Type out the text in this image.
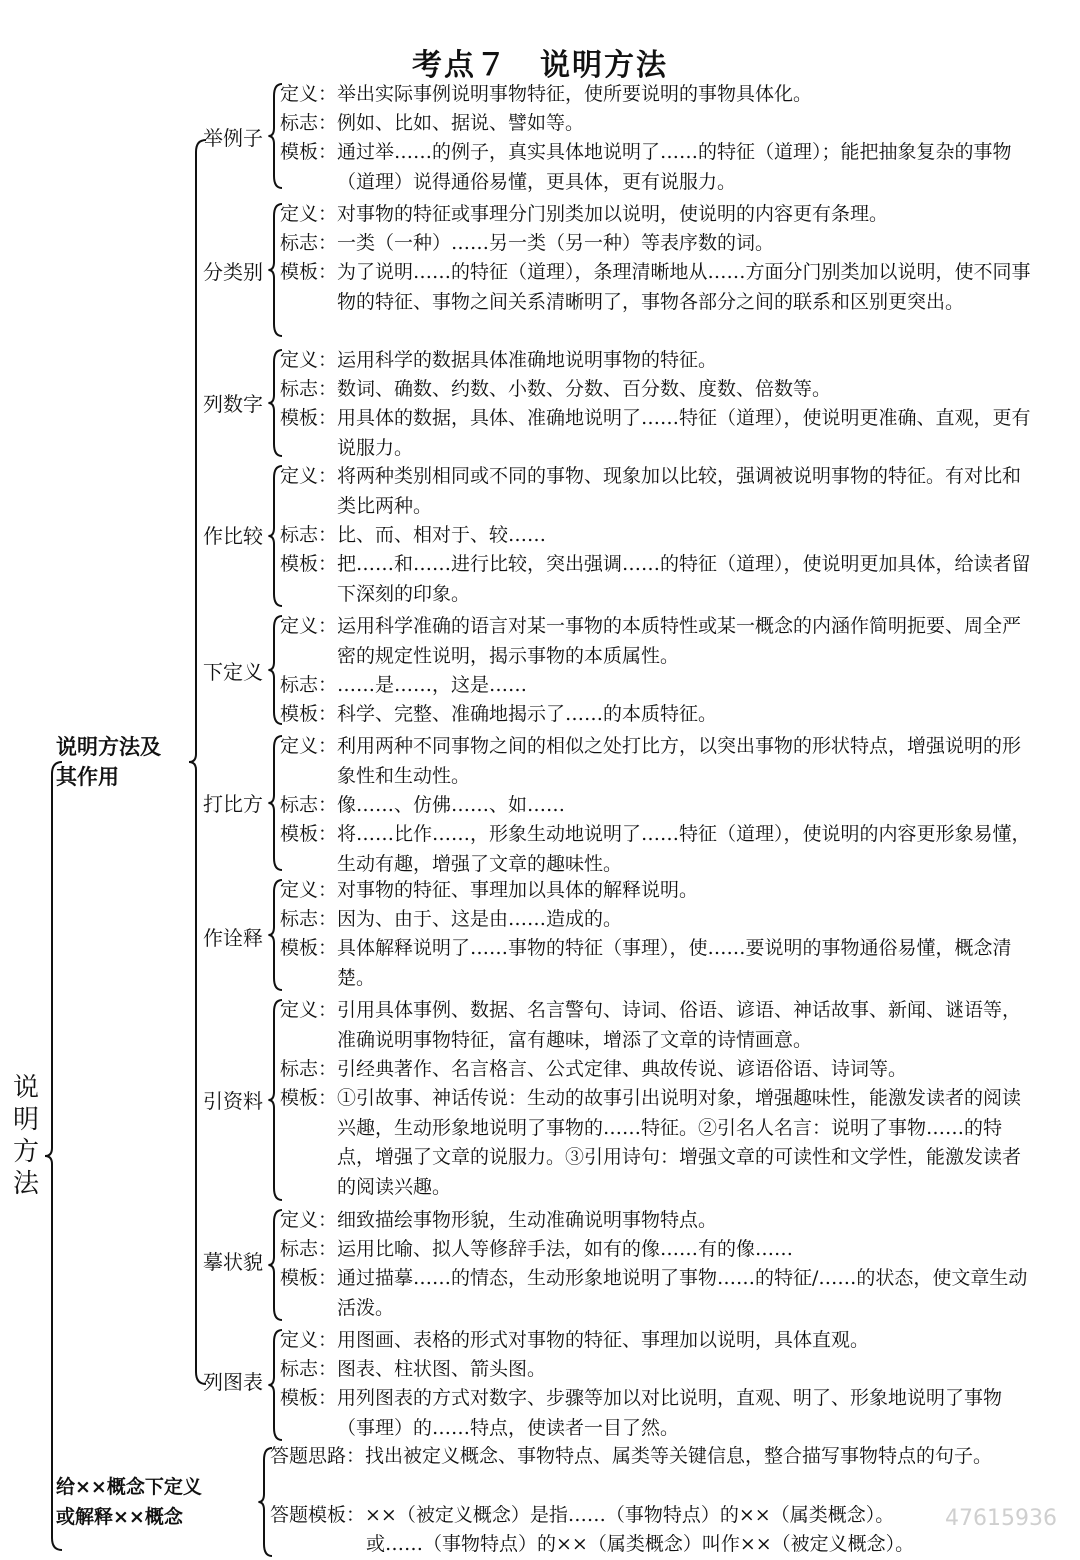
考点７　说明方法
说
明
方
法
说明方法及
其作用
举例子
定义： 举出实际事例说明事物特征，使所要说明的事物具体化。
标志： 例如、比如、据说、譬如等。
模板： 通过举……的例子，真实具体地说明了……的特征（道理）；能把抽象复杂的事物（道理）说得通俗易懂，更具体，更有说服力。
分类别
定义： 对事物的特征或事理分门别类加以说明，使说明的内容更有条理。
标志： 一类（一种）……另一类（另一种）等表序数的词。
模板： 为了说明……的特征（道理），条理清晰地从……方面分门别类加以说明，使不同事物的特征、事物之间关系清晰明了，事物各部分之间的联系和区别更突出。
列数字
定义： 运用科学的数据具体准确地说明事物的特征。
标志： 数词、确数、约数、小数、分数、百分数、度数、倍数等。
模板： 用具体的数据，具体、准确地说明了……特征（道理），使说明更准确、直观，更有说服力。
作比较
定义： 将两种类别相同或不同的事物、现象加以比较，强调被说明事物的特征。有对比和类比两种。
标志： 比、而、相对于、较……
模板： 把……和……进行比较，突出强调……的特征（道理），使说明更加具体，给读者留下深刻的印象。
下定义
定义： 运用科学准确的语言对某一事物的本质特性或某一概念的内涵作简明扼要、周全严密的规定性说明，揭示事物的本质属性。
标志： ……是……，这是……
模板： 科学、完整、准确地揭示了……的本质特征。
打比方
定义： 利用两种不同事物之间的相似之处打比方，以突出事物的形状特点，增强说明的形象性和生动性。
标志： 像……、仿佛……、如……
模板： 将……比作……，形象生动地说明了……特征（道理），使说明的内容更形象易懂，生动有趣，增强了文章的趣味性。
作诠释
定义： 对事物的特征、事理加以具体的解释说明。
标志： 因为、由于、这是由……造成的。
模板： 具体解释说明了……事物的特征（事理），使……要说明的事物通俗易懂，概念清楚。
引资料
定义： 引用具体事例、数据、名言警句、诗词、俗语、谚语、神话故事、新闻、谜语等，准确说明事物特征，富有趣味，增添了文章的诗情画意。
标志： 引经典著作、名言格言、公式定律、典故传说、谚语俗语、诗词等。
模板： ①引故事、神话传说：生动的故事引出说明对象，增强趣味性，能激发读者的阅读兴趣，生动形象地说明了事物的……特征。②引名人名言：说明了事物……的特点，增强了文章的说服力。③引用诗句：增强文章的可读性和文学性，能激发读者的阅读兴趣。
摹状貌
定义： 细致描绘事物形貌，生动准确说明事物特点。
标志： 运用比喻、拟人等修辞手法，如有的像……有的像……
模板： 通过描摹……的情态，生动形象地说明了事物……的特征/……的状态，使文章生动活泼。
列图表
定义： 用图画、表格的形式对事物的特征、事理加以说明，具体直观。
标志： 图表、柱状图、箭头图。
模板： 用列图表的方式对数字、步骤等加以对比说明，直观、明了、形象地说明了事物（事理）的……特点，使读者一目了然。
给××概念下定义
或解释××概念
答题思路： 找出被定义概念、事物特点、属类等关键信息，整合描写事物特点的句子。
答题模板： ××（被定义概念）是指……（事物特点）的××（属类概念）。
或……（事物特点）的××（属类概念）叫作××（被定义概念）。
47615936
